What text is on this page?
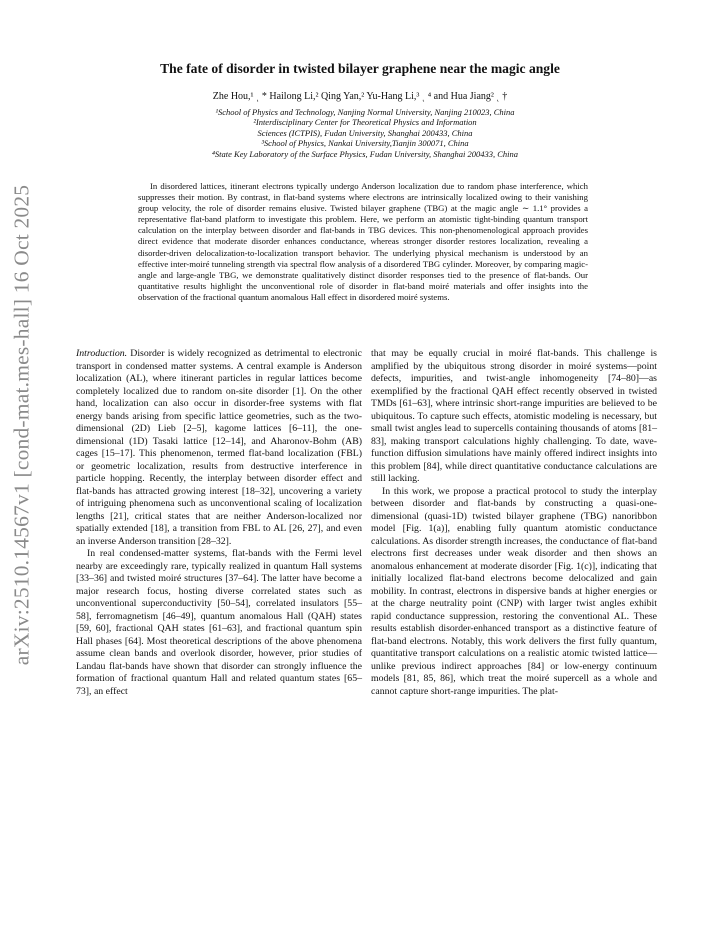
arXiv:2510.14567v1 [cond-mat.mes-hall] 16 Oct 2025
The fate of disorder in twisted bilayer graphene near the magic angle
Zhe Hou,¹ ͺ * Hailong Li,² Qing Yan,² Yu-Hang Li,³ ͺ ⁴ and Hua Jiang² ͺ †
¹School of Physics and Technology, Nanjing Normal University, Nanjing 210023, China
²Interdisciplinary Center for Theoretical Physics and Information
Sciences (ICTPIS), Fudan University, Shanghai 200433, China
³School of Physics, Nankai University,Tianjin 300071, China
⁴State Key Laboratory of the Surface Physics, Fudan University, Shanghai 200433, China
In disordered lattices, itinerant electrons typically undergo Anderson localization due to random phase interference, which suppresses their motion. By contrast, in flat-band systems where electrons are intrinsically localized owing to their vanishing group velocity, the role of disorder remains elusive. Twisted bilayer graphene (TBG) at the magic angle ∼ 1.1° provides a representative flat-band platform to investigate this problem. Here, we perform an atomistic tight-binding quantum transport calculation on the interplay between disorder and flat-bands in TBG devices. This non-phenomenological approach provides direct evidence that moderate disorder enhances conductance, whereas stronger disorder restores localization, revealing a disorder-driven delocalization-to-localization transport behavior. The underlying physical mechanism is understood by an effective inter-moiré tunneling strength via spectral flow analysis of a disordered TBG cylinder. Moreover, by comparing magic-angle and large-angle TBG, we demonstrate qualitatively distinct disorder responses tied to the presence of flat-bands. Our quantitative results highlight the unconventional role of disorder in flat-band moiré materials and offer insights into the observation of the fractional quantum anomalous Hall effect in disordered moiré systems.

Introduction. Disorder is widely recognized as detrimental to electronic transport in condensed matter systems. A central example is Anderson localization (AL), where itinerant particles in regular lattices become completely localized due to random on-site disorder [1]. On the other hand, localization can also occur in disorder-free systems with flat energy bands arising from specific lattice geometries, such as the two-dimensional (2D) Lieb [2–5], kagome lattices [6–11], the one-dimensional (1D) Tasaki lattice [12–14], and Aharonov-Bohm (AB) cages [15–17]. This phenomenon, termed flat-band localization (FBL) or geometric localization, results from destructive interference in particle hopping. Recently, the interplay between disorder effect and flat-bands has attracted growing interest [18–32], uncovering a variety of intriguing phenomena such as unconventional scaling of localization lengths [21], critical states that are neither Anderson-localized nor spatially extended [18], a transition from FBL to AL [26, 27], and even an inverse Anderson transition [28–32].

In real condensed-matter systems, flat-bands with the Fermi level nearby are exceedingly rare, typically realized in quantum Hall systems [33–36] and twisted moiré structures [37–64]. The latter have become a major research focus, hosting diverse correlated states such as unconventional superconductivity [50–54], correlated insulators [55–58], ferromagnetism [46–49], quantum anomalous Hall (QAH) states [59, 60], fractional QAH states [61–63], and fractional quantum spin Hall phases [64]. Most theoretical descriptions of the above phenomena assume clean bands and overlook disorder, however, prior studies of Landau flat-bands have shown that disorder can strongly influence the formation of fractional quantum Hall and related quantum states [65–73], an effect

that may be equally crucial in moiré flat-bands. This challenge is amplified by the ubiquitous strong disorder in moiré systems—point defects, impurities, and twist-angle inhomogeneity [74–80]—as exemplified by the fractional QAH effect recently observed in twisted TMDs [61–63], where intrinsic short-range impurities are believed to be ubiquitous. To capture such effects, atomistic modeling is necessary, but small twist angles lead to supercells containing thousands of atoms [81–83], making transport calculations highly challenging. To date, wave-function diffusion simulations have mainly offered indirect insights into this problem [84], while direct quantitative conductance calculations are still lacking.

In this work, we propose a practical protocol to study the interplay between disorder and flat-bands by constructing a quasi-one-dimensional (quasi-1D) twisted bilayer graphene (TBG) nanoribbon model [Fig. 1(a)], enabling fully quantum atomistic conductance calculations. As disorder strength increases, the conductance of flat-band electrons first decreases under weak disorder and then shows an anomalous enhancement at moderate disorder [Fig. 1(c)], indicating that initially localized flat-band electrons become delocalized and gain mobility. In contrast, electrons in dispersive bands at higher energies or at the charge neutrality point (CNP) with larger twist angles exhibit rapid conductance suppression, restoring the conventional AL. These results establish disorder-enhanced transport as a distinctive feature of flat-band electrons. Notably, this work delivers the first fully quantum, quantitative transport calculations on a realistic atomic twisted lattice—unlike previous indirect approaches [84] or low-energy continuum models [81, 85, 86], which treat the moiré supercell as a whole and cannot capture short-range impurities. The plat-
